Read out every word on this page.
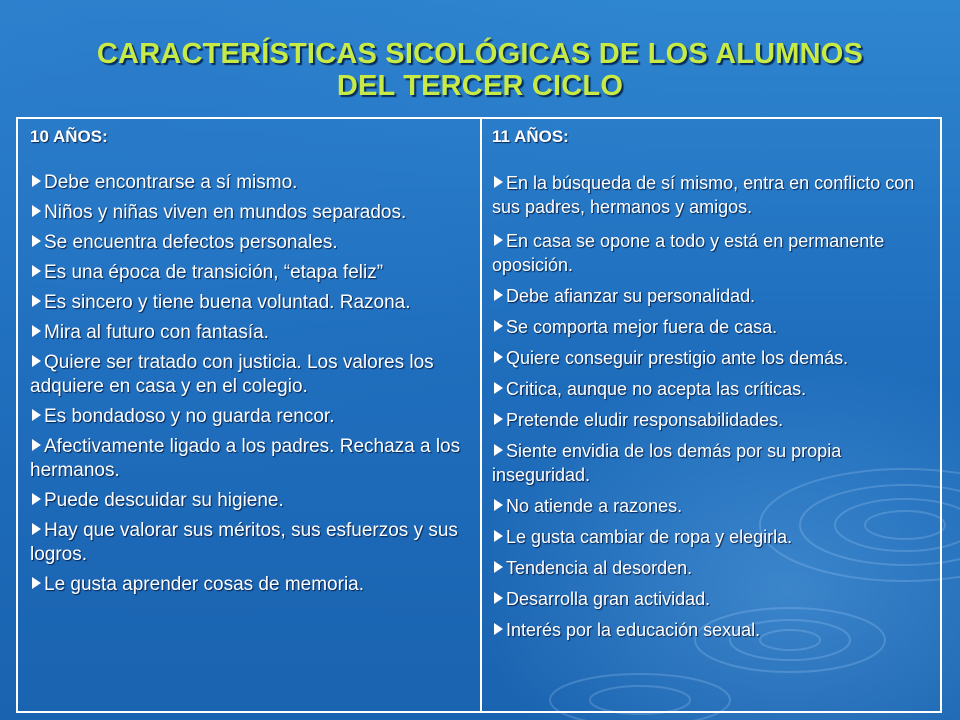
CARACTERÍSTICAS SICOLÓGICAS DE LOS ALUMNOS
DEL TERCER CICLO
10 AÑOS:
Debe encontrarse a sí mismo.
Niños y niñas viven en mundos separados.
Se encuentra defectos personales.
Es una época de transición, “etapa feliz”
Es sincero y tiene buena voluntad. Razona.
Mira al futuro con fantasía.
Quiere ser tratado con justicia. Los valores los adquiere en casa y en el colegio.
Es bondadoso y no guarda rencor.
Afectivamente ligado a los padres. Rechaza a los hermanos.
Puede descuidar su higiene.
Hay que valorar sus méritos, sus esfuerzos y sus logros.
Le gusta aprender cosas de memoria.
11 AÑOS:
En la búsqueda de sí mismo, entra en conflicto con sus padres, hermanos y amigos.
En casa se opone a todo y está en permanente oposición.
Debe afianzar su personalidad.
Se comporta mejor fuera de casa.
Quiere conseguir prestigio ante los demás.
Critica, aunque no acepta las críticas.
Pretende eludir responsabilidades.
Siente envidia de los demás por su propia inseguridad.
No atiende a razones.
Le gusta cambiar de ropa y elegirla.
Tendencia al desorden.
Desarrolla gran actividad.
Interés por la educación sexual.
